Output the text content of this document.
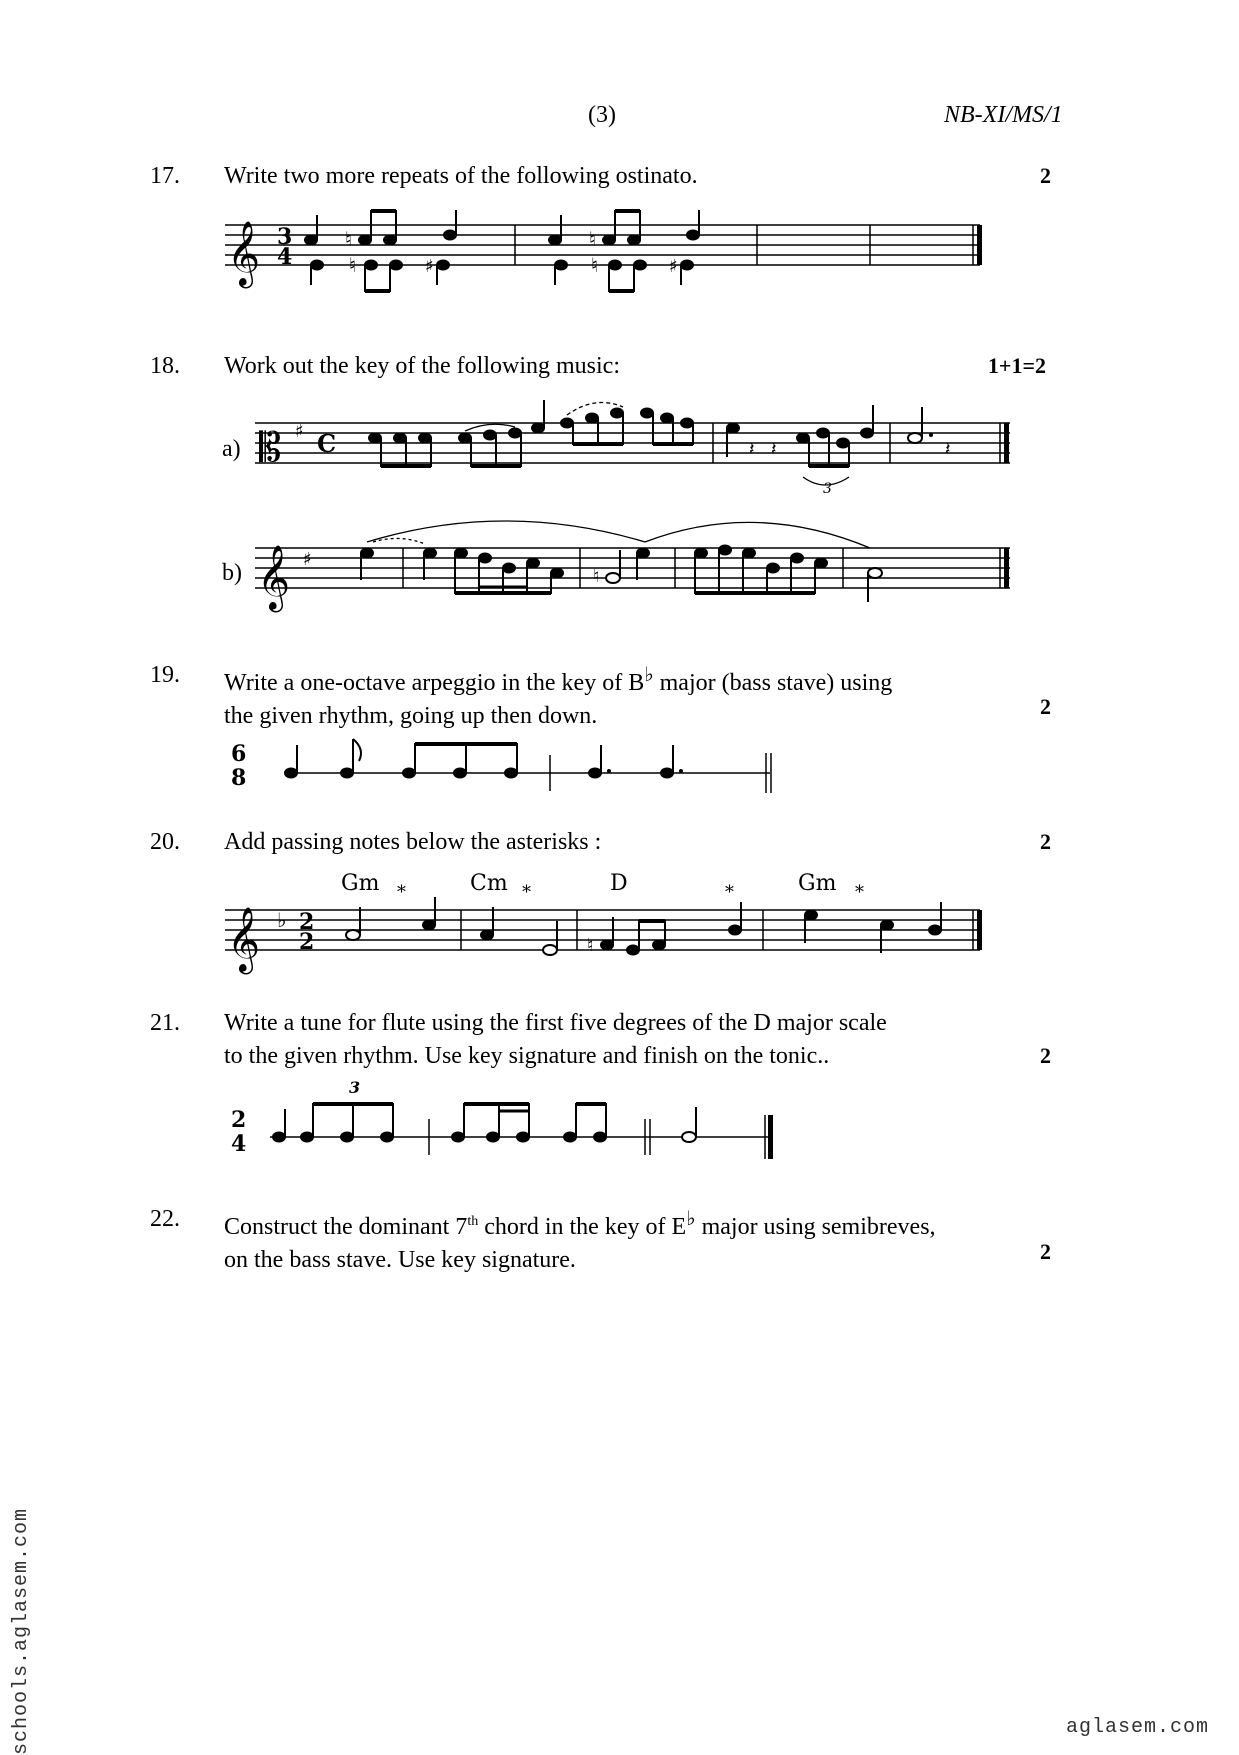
(3)	NB-XI/MS/1
17. Write two more repeats of the following ostinato.	2
𝄞 3
4
♮
♮	♯
♮
♮	♯
18. Work out the key of the following music:	1+1=2
a) 𝄡 ♯ C	𝄽 𝄽	𝄽
3
b) 𝄞 ♯
♮
19. Write a one-octave arpeggio in the key of B♭ major (bass stave) using
the given rhythm, going up then down.	2
6
8
20. Add passing notes below the asterisks :	2
𝄞 ♭ 2
2
Gm	Cm	D	Gm
*	*	*	*
♮
21. Write a tune for flute using the first five degrees of the D major scale
to the given rhythm. Use key signature and finish on the tonic..	2
2
4
3
22. Construct the dominant 7th chord in the key of E♭ major using semibreves,
on the bass stave. Use key signature.	2
schools.aglasem.com	aglasem.com
